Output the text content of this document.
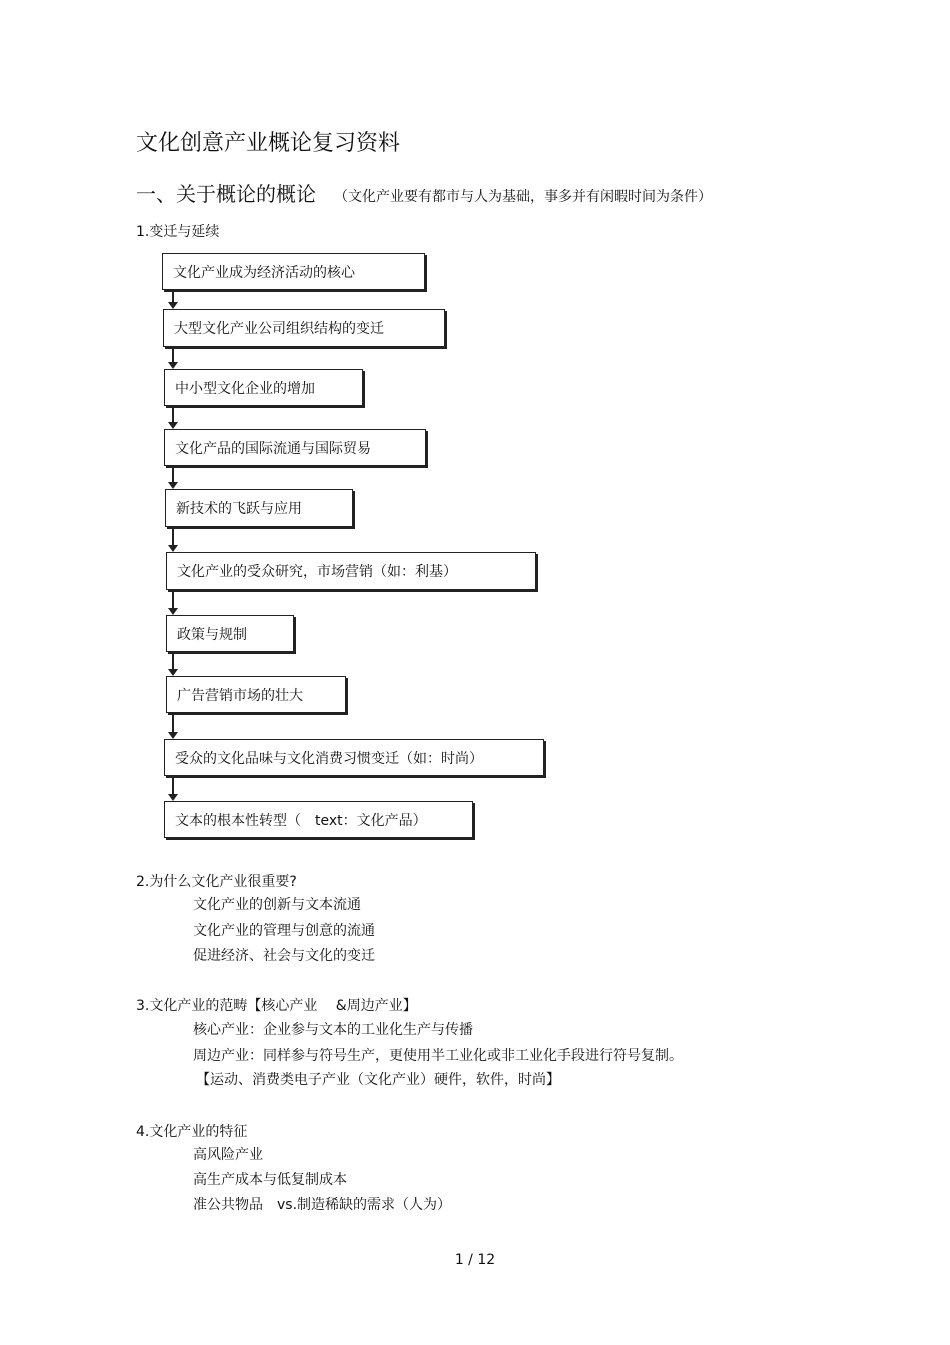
文化创意产业概论复习资料
一、关于概论的概论 （文化产业要有都市与人为基础，事多并有闲暇时间为条件）
1.变迁与延续
文化产业成为经济活动的核心
大型文化产业公司组织结构的变迁
中小型文化企业的增加
文化产品的国际流通与国际贸易
新技术的飞跃与应用
文化产业的受众研究，市场营销（如：利基）
政策与规制
广告营销市场的壮大
受众的文化品味与文化消费习惯变迁（如：时尚）
文本的根本性转型（　text：文化产品）
2.为什么文化产业很重要?
文化产业的创新与文本流通
文化产业的管理与创意的流通
促进经济、社会与文化的变迁
3.文化产业的范畴【核心产业　 &周边产业】
核心产业：企业参与文本的工业化生产与传播
周边产业：同样参与符号生产，更使用半工业化或非工业化手段进行符号复制。
【运动、消费类电子产业（文化产业）硬件，软件，时尚】
4.文化产业的特征
高风险产业
高生产成本与低复制成本
准公共物品　vs.制造稀缺的需求（人为）
1 / 12
